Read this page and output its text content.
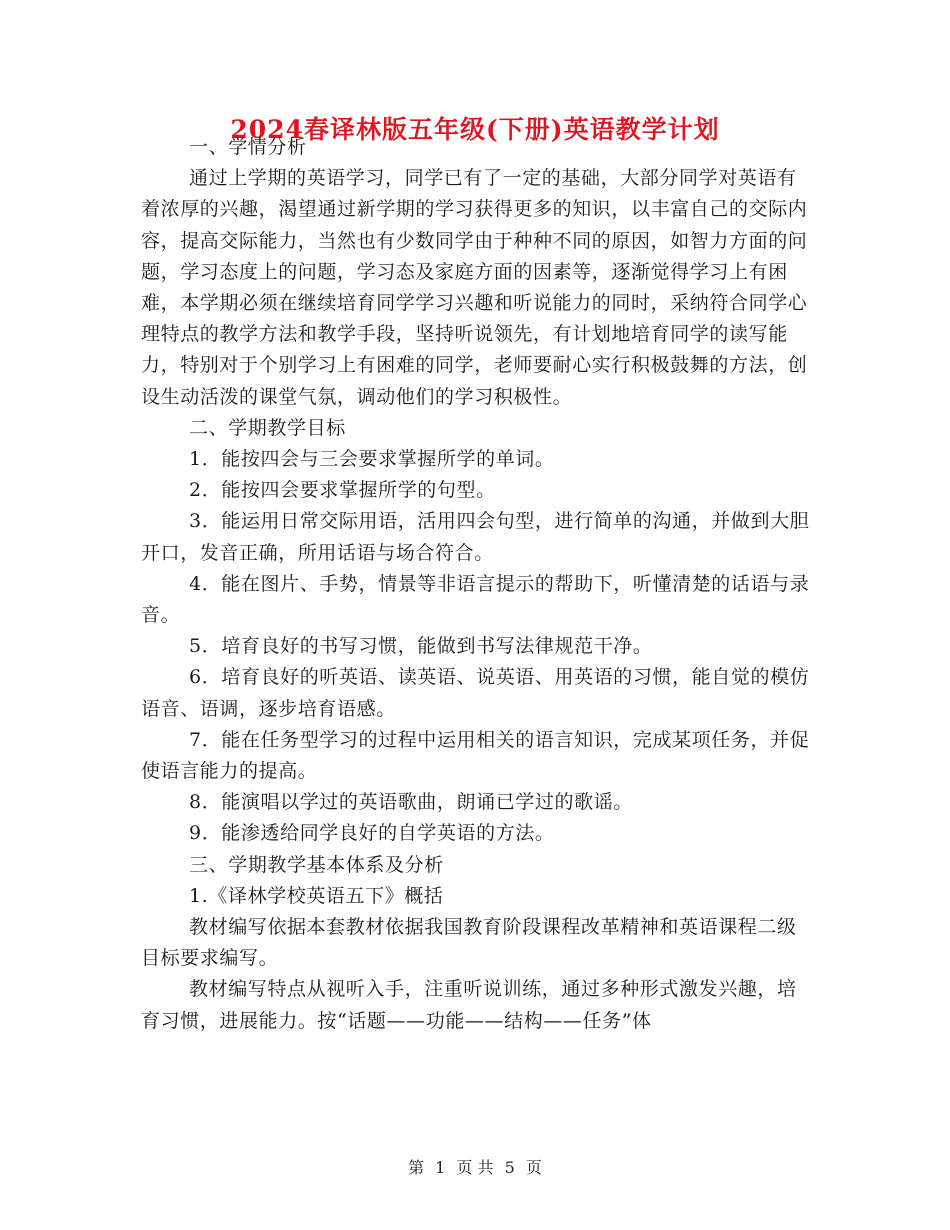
2024春译林版五年级(下册)英语教学计划

一、学情分析

通过上学期的英语学习，同学已有了一定的基础，大部分同学对英语有着浓厚的兴趣，渴望通过新学期的学习获得更多的知识，以丰富自己的交际内容，提高交际能力，当然也有少数同学由于种种不同的原因，如智力方面的问题，学习态度上的问题，学习态及家庭方面的因素等，逐渐觉得学习上有困难，本学期必须在继续培育同学学习兴趣和听说能力的同时，采纳符合同学心理特点的教学方法和教学手段，坚持听说领先，有计划地培育同学的读写能力，特别对于个别学习上有困难的同学，老师要耐心实行积极鼓舞的方法，创设生动活泼的课堂气氛，调动他们的学习积极性。

二、学期教学目标

1．能按四会与三会要求掌握所学的单词。

2．能按四会要求掌握所学的句型。

3．能运用日常交际用语，活用四会句型，进行简单的沟通，并做到大胆开口，发音正确，所用话语与场合符合。

4．能在图片、手势，情景等非语言提示的帮助下，听懂清楚的话语与录音。

5．培育良好的书写习惯，能做到书写法律规范干净。

6．培育良好的听英语、读英语、说英语、用英语的习惯，能自觉的模仿语音、语调，逐步培育语感。

7．能在任务型学习的过程中运用相关的语言知识，完成某项任务，并促使语言能力的提高。

8．能演唱以学过的英语歌曲，朗诵已学过的歌谣。

9．能渗透给同学良好的自学英语的方法。

三、学期教学基本体系及分析

1.《译林学校英语五下》概括

教材编写依据本套教材依据我国教育阶段课程改革精神和英语课程二级目标要求编写。

教材编写特点从视听入手，注重听说训练，通过多种形式激发兴趣，培育习惯，进展能力。按“话题——功能——结构——任务”体

第 1 页 共 5 页
